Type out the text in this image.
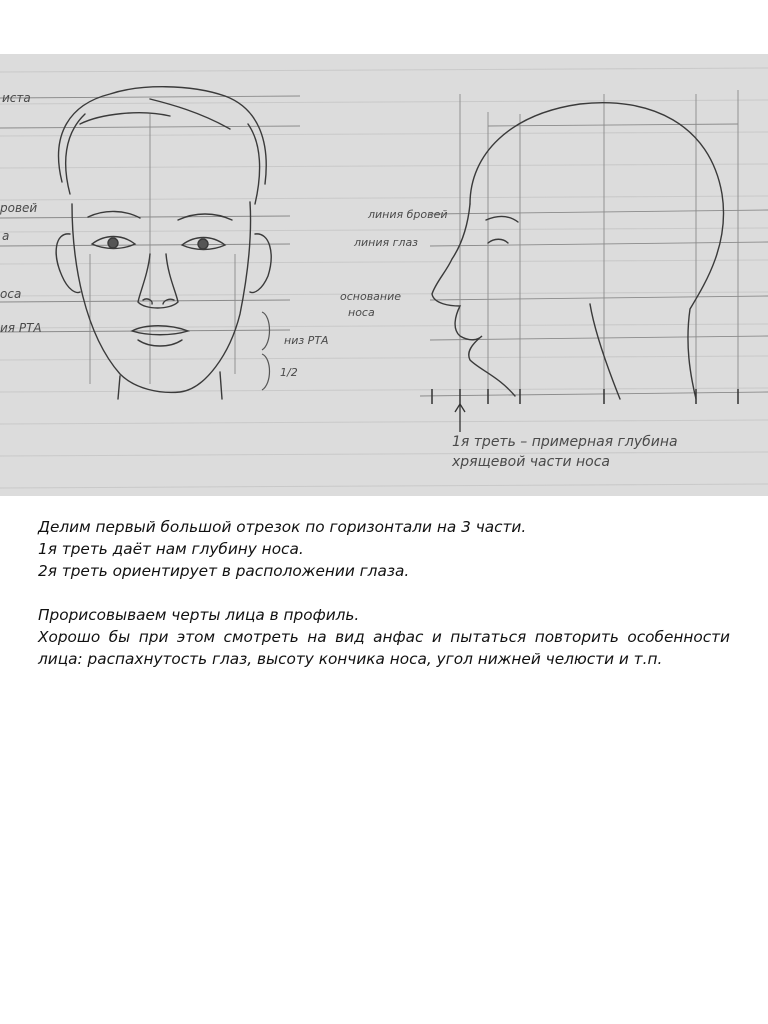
иста
ровей
а
оса
ия РТА
низ РТА
1/2
линия бровей
линия глаз
основание
носа
1я треть – примерная глубина
хрящевой части носа

Делим первый большой отрезок по горизонтали на 3 части.

1я треть даёт нам глубину носа.

2я треть ориентирует в расположении глаза.

Прорисовываем черты лица в профиль.

Хорошо бы при этом смотреть на вид анфас и пытаться повторить особенности лица: распахнутость глаз, высоту кончика носа, угол нижней челюсти и т.п.
